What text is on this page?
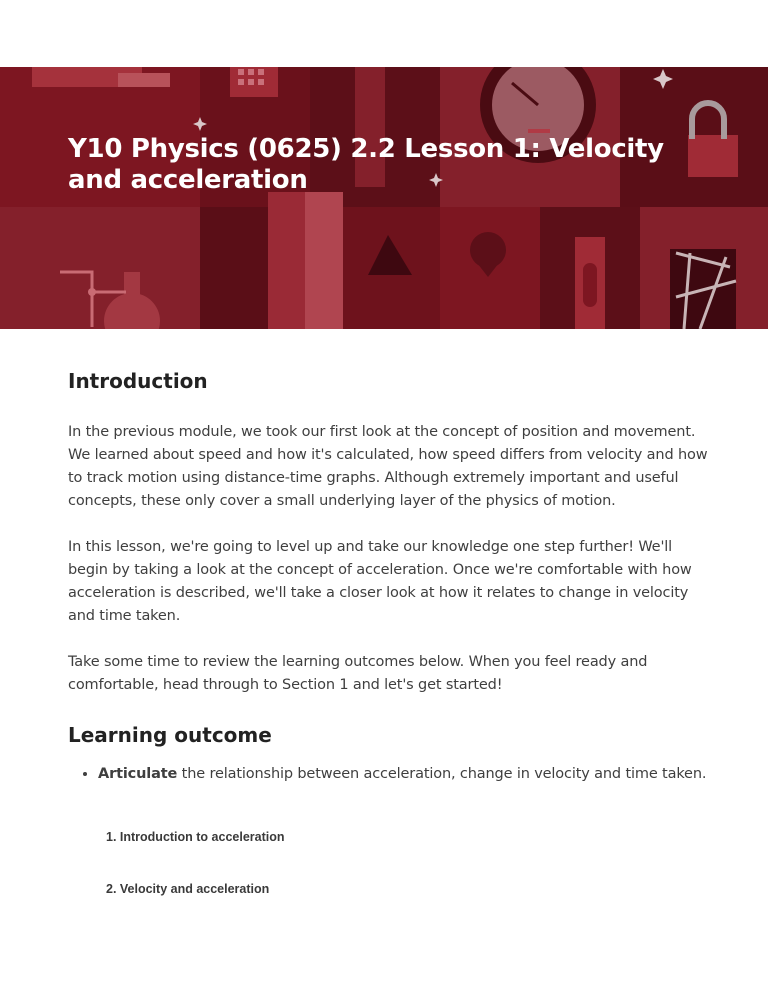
Y10 Physics (0625) 2.2 Lesson 1: Velocity and acceleration
Introduction

In the previous module, we took our first look at the concept of position and movement. We learned about speed and how it's calculated, how speed differs from velocity and how to track motion using distance-time graphs. Although extremely important and useful concepts, these only cover a small underlying layer of the physics of motion.

In this lesson, we're going to level up and take our knowledge one step further! We'll begin by taking a look at the concept of acceleration. Once we're comfortable with how acceleration is described, we'll take a closer look at how it relates to change in velocity and time taken.

Take some time to review the learning outcomes below. When you feel ready and comfortable, head through to Section 1 and let's get started!

Learning outcome
• Articulate the relationship between acceleration, change in velocity and time taken.
1. Introduction to acceleration
2. Velocity and acceleration
